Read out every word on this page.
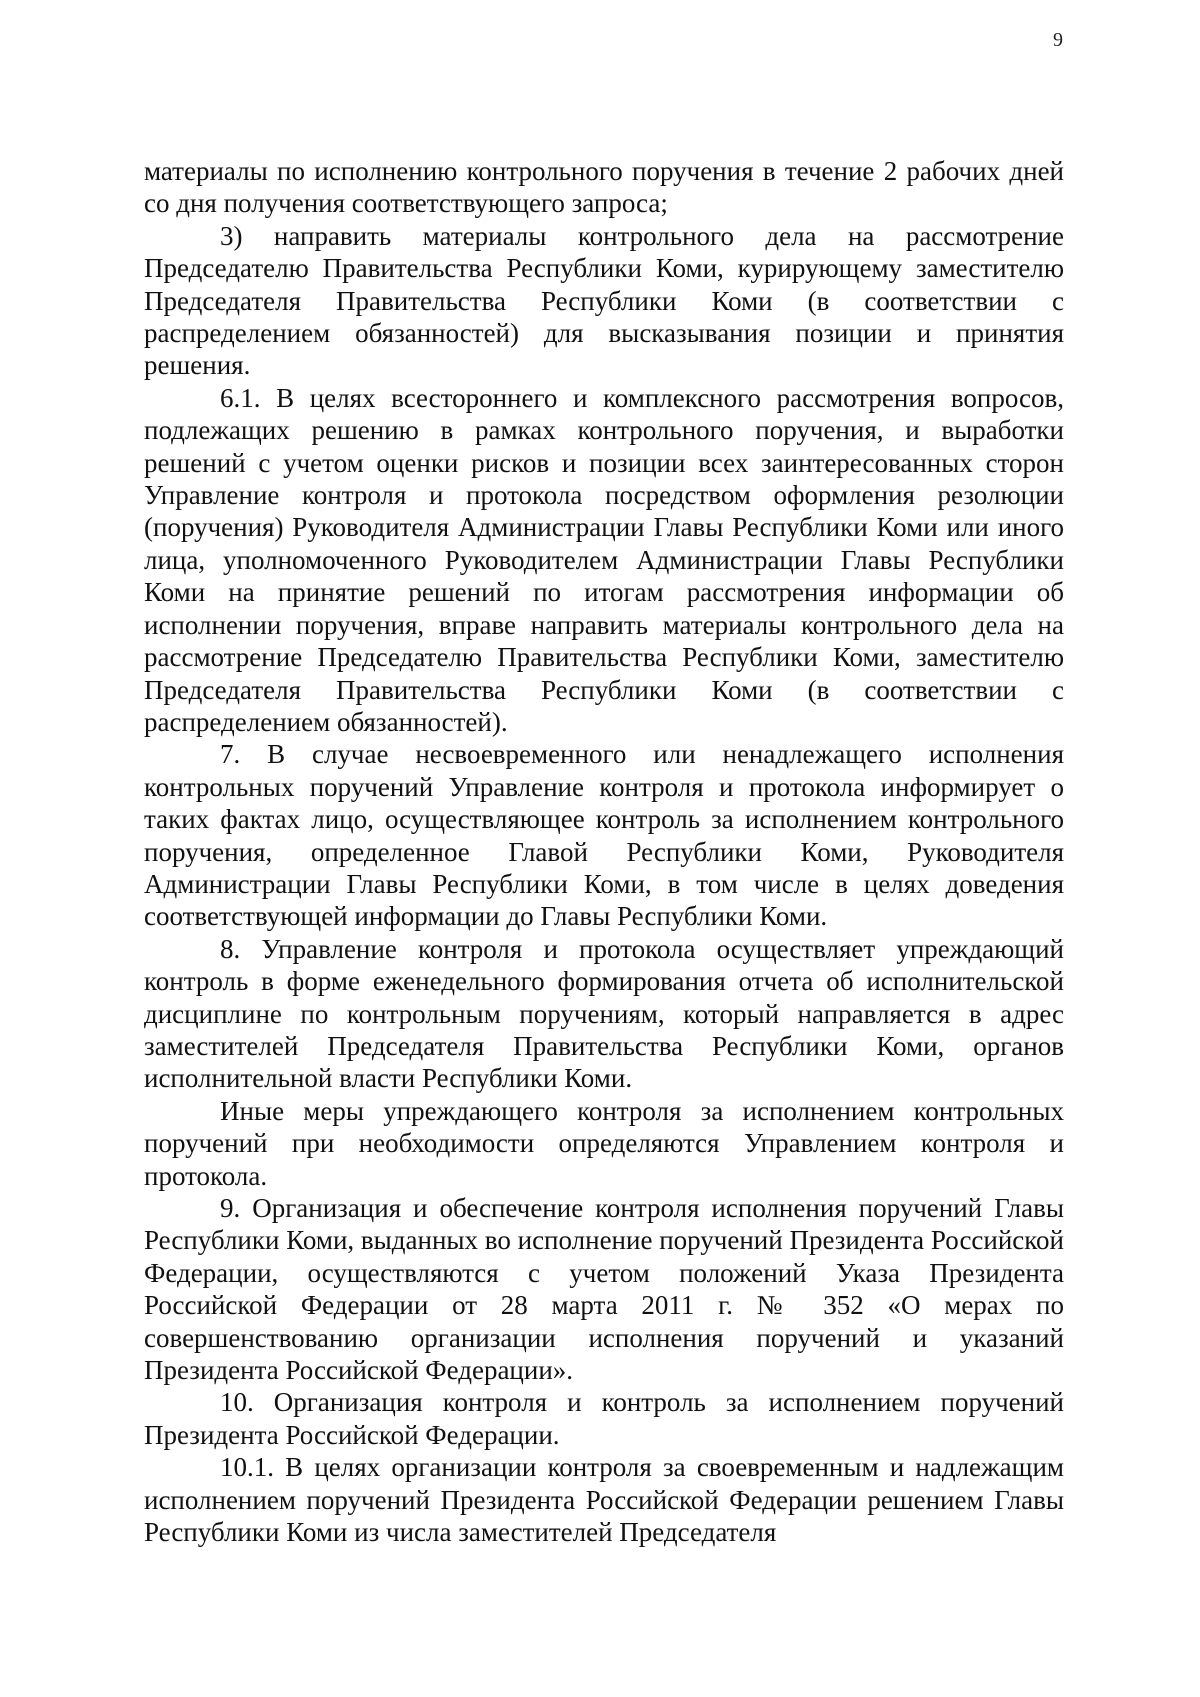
9

материалы по исполнению контрольного поручения в течение 2 рабочих дней со дня получения соответствующего запроса;

3) направить материалы контрольного дела на рассмотрение Председателю Правительства Республики Коми, курирующему заместителю Председателя Правительства Республики Коми (в соответствии с распределением обязанностей) для высказывания позиции и принятия решения.

6.1. В целях всестороннего и комплексного рассмотрения вопросов, подлежащих решению в рамках контрольного поручения, и выработки решений с учетом оценки рисков и позиции всех заинтересованных сторон Управление контроля и протокола посредством оформления резолюции (поручения) Руководителя Администрации Главы Республики Коми или иного лица, уполномоченного Руководителем Администрации Главы Республики Коми на принятие решений по итогам рассмотрения информации об исполнении поручения, вправе направить материалы контрольного дела на рассмотрение Председателю Правительства Республики Коми, заместителю Председателя Правительства Республики Коми (в соответствии с распределением обязанностей).

7. В случае несвоевременного или ненадлежащего исполнения контрольных поручений Управление контроля и протокола информирует о таких фактах лицо, осуществляющее контроль за исполнением контрольного поручения, определенное Главой Республики Коми, Руководителя Администрации Главы Республики Коми, в том числе в целях доведения соответствующей информации до Главы Республики Коми.

8. Управление контроля и протокола осуществляет упреждающий контроль в форме еженедельного формирования отчета об исполнительской дисциплине по контрольным поручениям, который направляется в адрес заместителей Председателя Правительства Республики Коми, органов исполнительной власти Республики Коми.

Иные меры упреждающего контроля за исполнением контрольных поручений при необходимости определяются Управлением контроля и протокола.

9. Организация и обеспечение контроля исполнения поручений Главы Республики Коми, выданных во исполнение поручений Президента Российской Федерации, осуществляются с учетом положений Указа Президента Российской Федерации от 28 марта 2011 г. № 352 «О мерах по совершенствованию организации исполнения поручений и указаний Президента Российской Федерации».

10. Организация контроля и контроль за исполнением поручений Президента Российской Федерации.

10.1. В целях организации контроля за своевременным и надлежащим исполнением поручений Президента Российской Федерации решением Главы Республики Коми из числа заместителей Председателя
